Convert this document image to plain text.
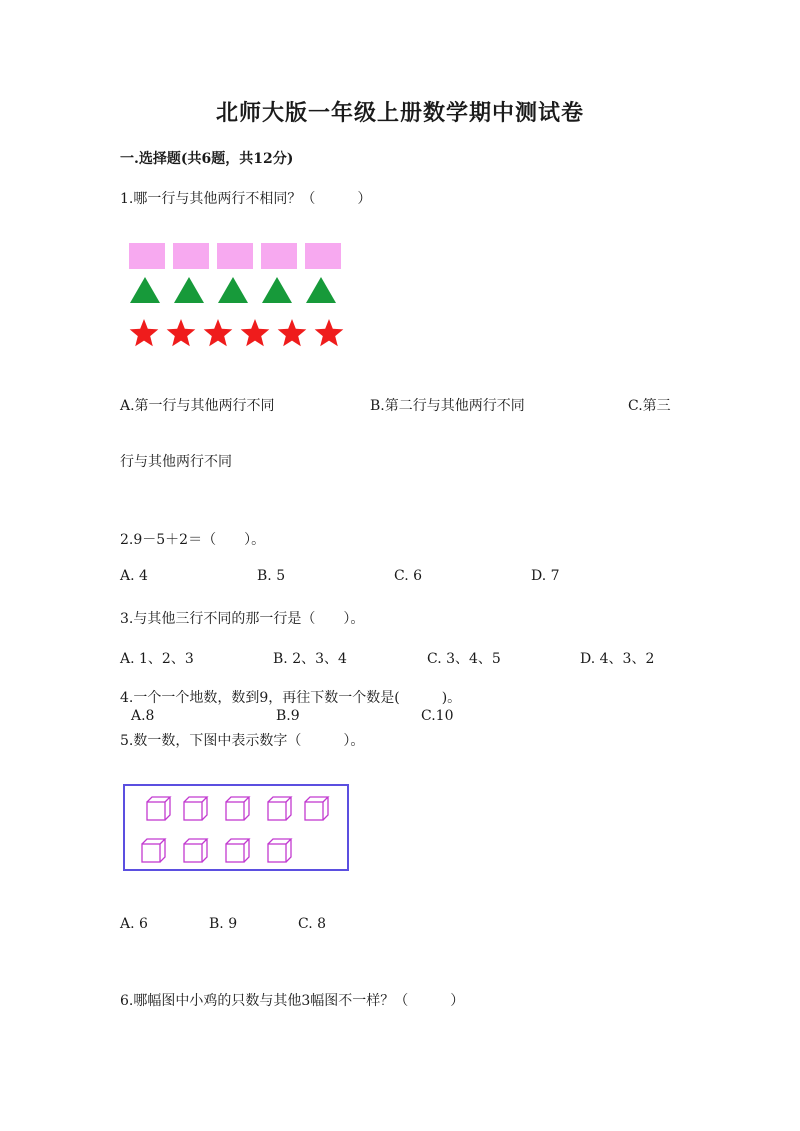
北师大版一年级上册数学期中测试卷
一.选择题(共6题，共12分)
1.哪一行与其他两行不相同？（　　　）
A.第一行与其他两行不同	B.第二行与其他两行不同	C.第三
行与其他两行不同
2.9－5＋2＝（　　）。
A. 4	B. 5	C. 6	D. 7
3.与其他三行不同的那一行是（　　）。
A. 1、2、3	B. 2、3、4	C. 3、4、5	D. 4、3、2
4.一个一个地数，数到9，再往下数一个数是(　　　)。
A.8	B.9	C.10
5.数一数，下图中表示数字（　　　）。
A. 6	B. 9	C. 8
6.哪幅图中小鸡的只数与其他3幅图不一样？（　　　）
